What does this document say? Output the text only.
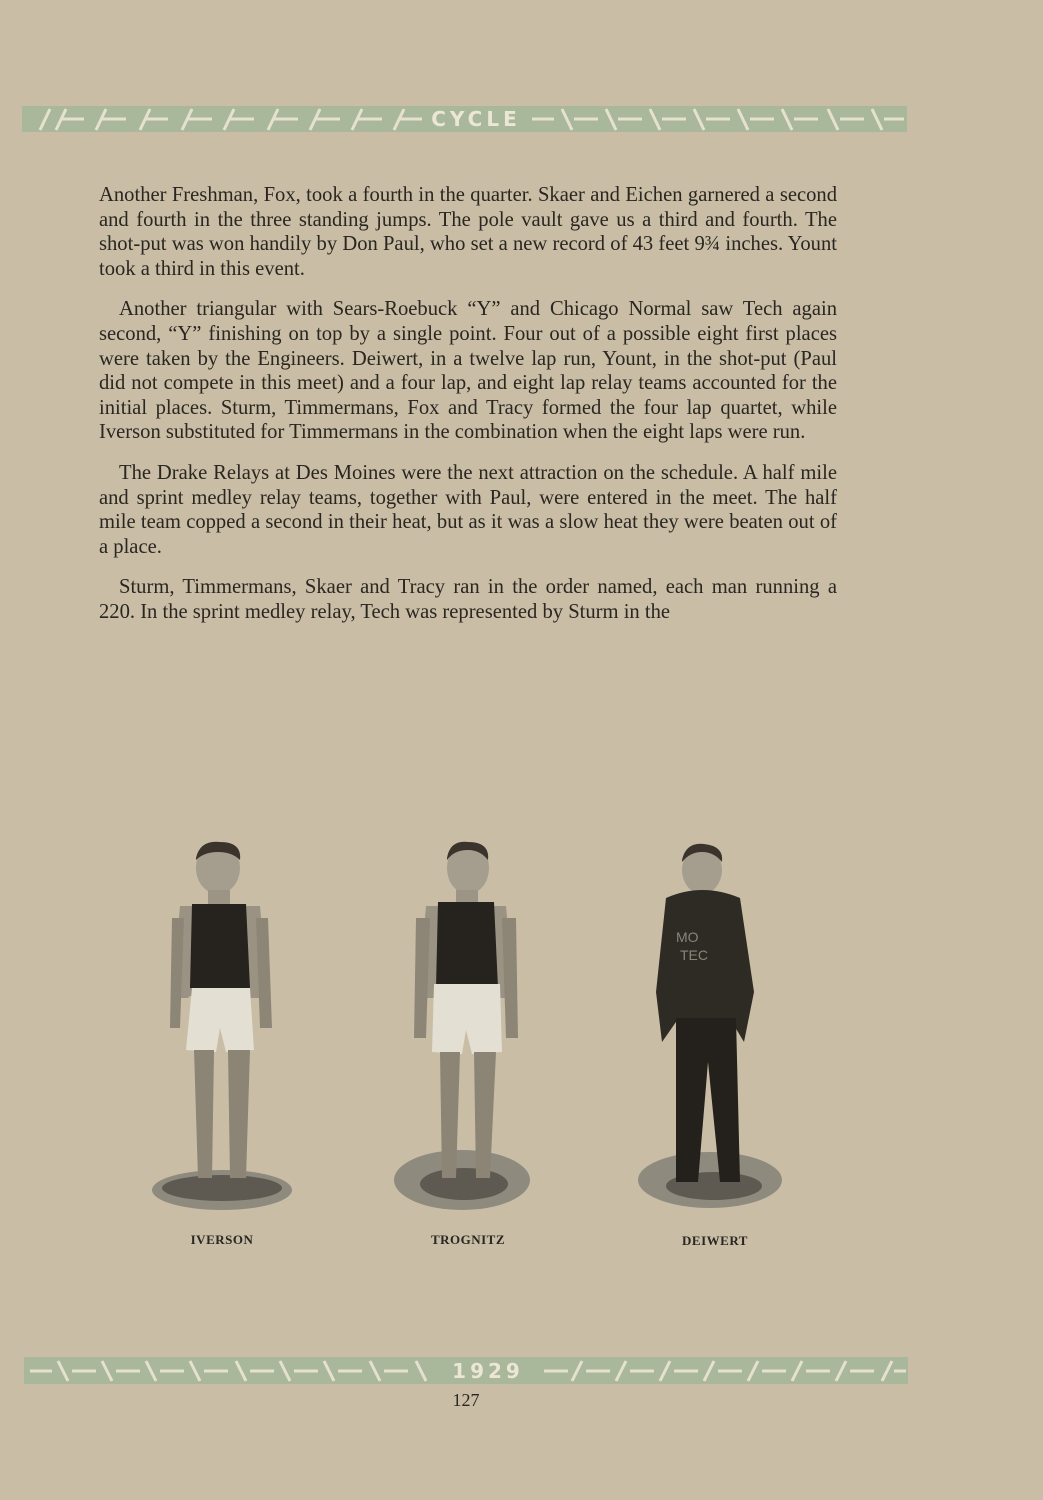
CYCLE

Another Freshman, Fox, took a fourth in the quarter. Skaer and Eichen garnered a second and fourth in the three standing jumps. The pole vault gave us a third and fourth. The shot-put was won handily by Don Paul, who set a new record of 43 feet 9¾ inches. Yount took a third in this event.

Another triangular with Sears-Roebuck “Y” and Chicago Normal saw Tech again second, “Y” finishing on top by a single point. Four out of a possible eight first places were taken by the Engineers. Deiwert, in a twelve lap run, Yount, in the shot-put (Paul did not compete in this meet) and a four lap, and eight lap relay teams accounted for the initial places. Sturm, Timmermans, Fox and Tracy formed the four lap quartet, while Iverson substituted for Timmermans in the combination when the eight laps were run.

The Drake Relays at Des Moines were the next attraction on the schedule. A half mile and sprint medley relay teams, together with Paul, were entered in the meet. The half mile team copped a second in their heat, but as it was a slow heat they were beaten out of a place.

Sturm, Timmermans, Skaer and Tracy ran in the order named, each man running a 220. In the sprint medley relay, Tech was represented by Sturm in the

IVERSON	TROGNITZ
MO
TEC
DEIWERT
1929
127
